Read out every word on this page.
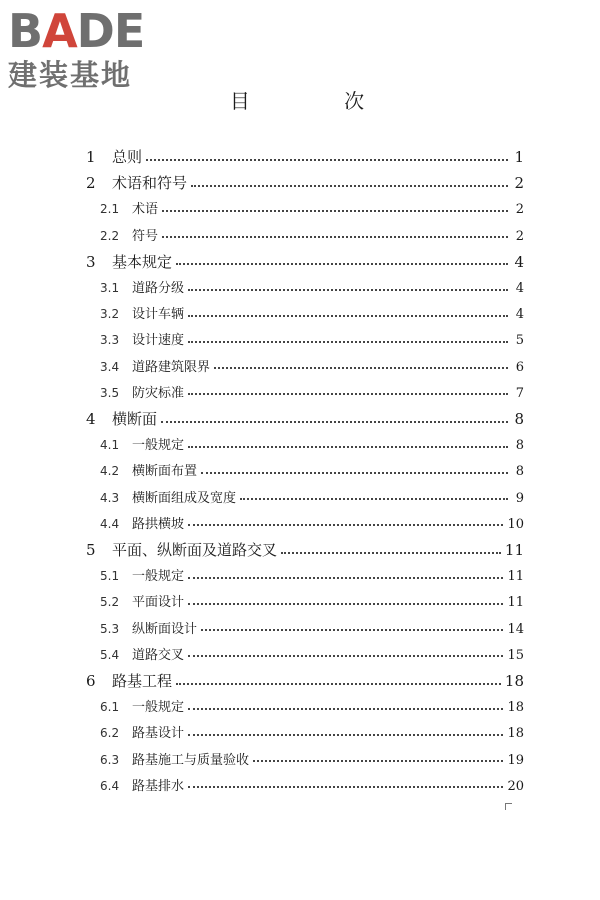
BADE
建装基地
目 次
1	总则	1
2	术语和符号	2
2.1 术语	2
2.2 符号	2
3	基本规定	4
3.1 道路分级	4
3.2 设计车辆	4
3.3 设计速度	5
3.4 道路建筑限界	6
3.5 防灾标准	7
4	横断面	8
4.1 一般规定	8
4.2 横断面布置	8
4.3 横断面组成及宽度	9
4.4 路拱横坡	10
5	平面、纵断面及道路交叉	11
5.1 一般规定	11
5.2 平面设计	11
5.3 纵断面设计	14
5.4 道路交叉	15
6	路基工程	18
6.1 一般规定	18
6.2 路基设计	18
6.3 路基施工与质量验收	19
6.4 路基排水	20
